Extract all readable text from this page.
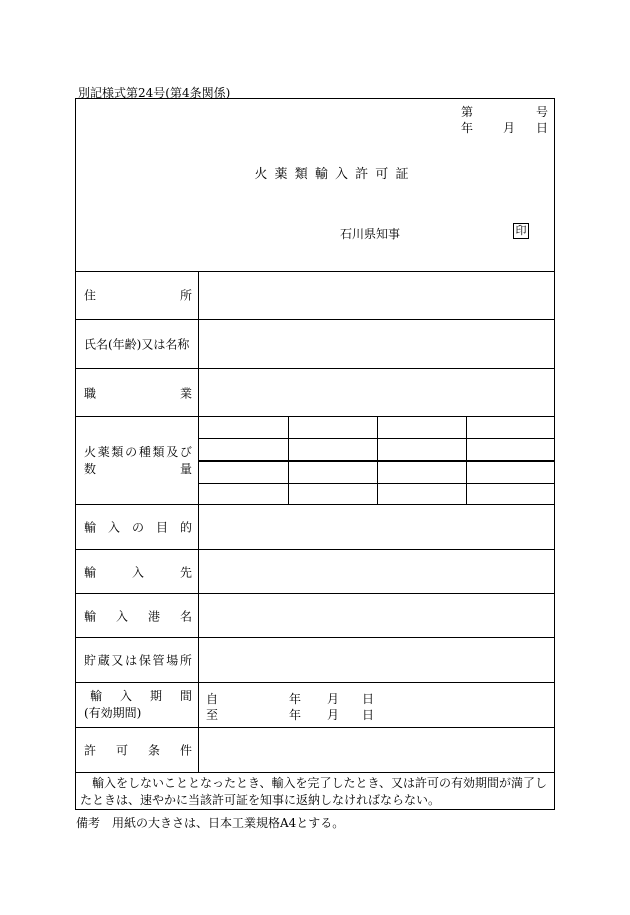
別記様式第24号(第4条関係)
第	号
年 月 日
火薬類輸入許可証
石川県知事	印
住	所
氏名(年齢)又は名称
職	業
火 薬 類 の 種 類 及 び
数	量
輸 入 の 目 的
輸	入	先
輸 入 港 名
貯 蔵 又 は 保 管 場 所
輸 入 期 間
(有効期間)
自	年 月 日
至	年 月 日
許 可 条 件
輸入をしないこととなったとき、輸入を完了したとき、又は許可の有効期間が満了したときは、速やかに当該許可証を知事に返納しなければならない。
備考　用紙の大きさは、日本工業規格A4とする。
